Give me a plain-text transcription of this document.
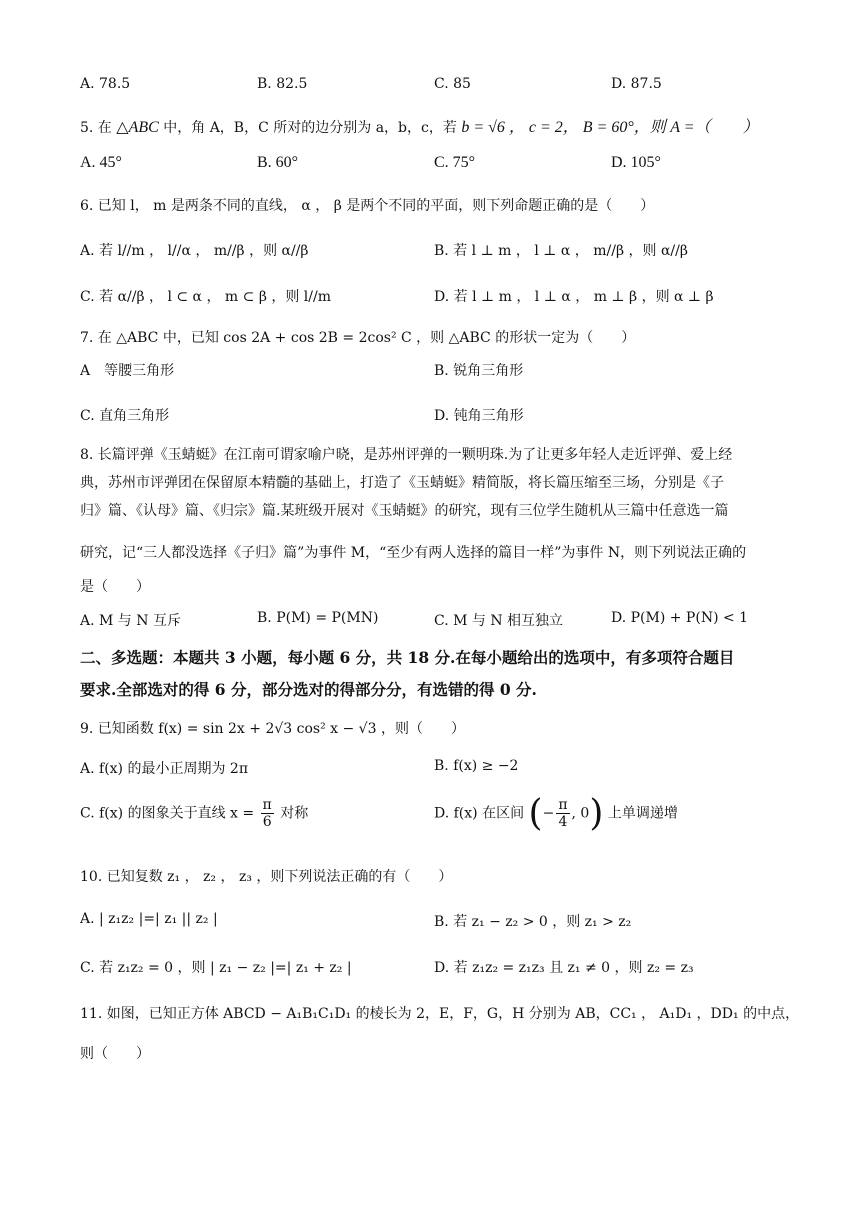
A. 78.5	B. 82.5	C. 85	D. 87.5
5. 在 △ABC 中，角 A，B，C 所对的边分别为 a，b，c，若 b = √6 ， c = 2， B = 60°，则 A =（　　）
A. 45°	B. 60°	C. 75°	D. 105°
6. 已知 l， m 是两条不同的直线， α ， β 是两个不同的平面，则下列命题正确的是（　　）
A. 若 l//m ， l//α ， m//β ，则 α//β	B. 若 l ⊥ m ， l ⊥ α ， m//β ，则 α//β
C. 若 α//β ， l ⊂ α ， m ⊂ β ，则 l//m	D. 若 l ⊥ m ， l ⊥ α ， m ⊥ β ，则 α ⊥ β
7. 在 △ABC 中，已知 cos 2A + cos 2B = 2cos² C ，则 △ABC 的形状一定为（　　）
A　等腰三角形	B. 锐角三角形
C. 直角三角形	D. 钝角三角形
8. 长篇评弹《玉蜻蜓》在江南可谓家喻户晓，是苏州评弹的一颗明珠.为了让更多年轻人走近评弹、爱上经
典，苏州市评弹团在保留原本精髓的基础上，打造了《玉蜻蜓》精简版，将长篇压缩至三场，分别是《子
归》篇、《认母》篇、《归宗》篇.某班级开展对《玉蜻蜓》的研究，现有三位学生随机从三篇中任意选一篇
研究，记“三人都没选择《子归》篇”为事件 M，“至少有两人选择的篇目一样”为事件 N，则下列说法正确的
是（　　）
A. M 与 N 互斥	B. P(M) = P(MN)	C. M 与 N 相互独立	D. P(M) + P(N) < 1
二、多选题：本题共 3 小题，每小题 6 分，共 18 分.在每小题给出的选项中，有多项符合题目
要求.全部选对的得 6 分，部分选对的得部分分，有选错的得 0 分.
9. 已知函数 f(x) = sin 2x + 2√3 cos² x − √3 ，则（　　）
A. f(x) 的最小正周期为 2π	B. f(x) ≥ −2
C. f(x) 的图象关于直线 $x = \frac{\pi}{6}$ 对称	D. f(x) 在区间 (− $\frac{\pi}{4}$ , 0) 上单调递增
10. 已知复数 z₁ ， z₂ ， z₃ ，则下列说法正确的有（　　）
A. | z₁z₂ |=| z₁ || z₂ |	B. 若 z₁ − z₂ > 0 ，则 z₁ > z₂
C. 若 z₁z₂ = 0 ，则 | z₁ − z₂ |=| z₁ + z₂ |	D. 若 z₁z₂ = z₁z₃ 且 z₁ ≠ 0 ，则 z₂ = z₃
11. 如图，已知正方体 ABCD − A₁B₁C₁D₁ 的棱长为 2，E，F，G，H 分别为 AB，CC₁ ， A₁D₁ ，DD₁ 的中点，
则（　　）
